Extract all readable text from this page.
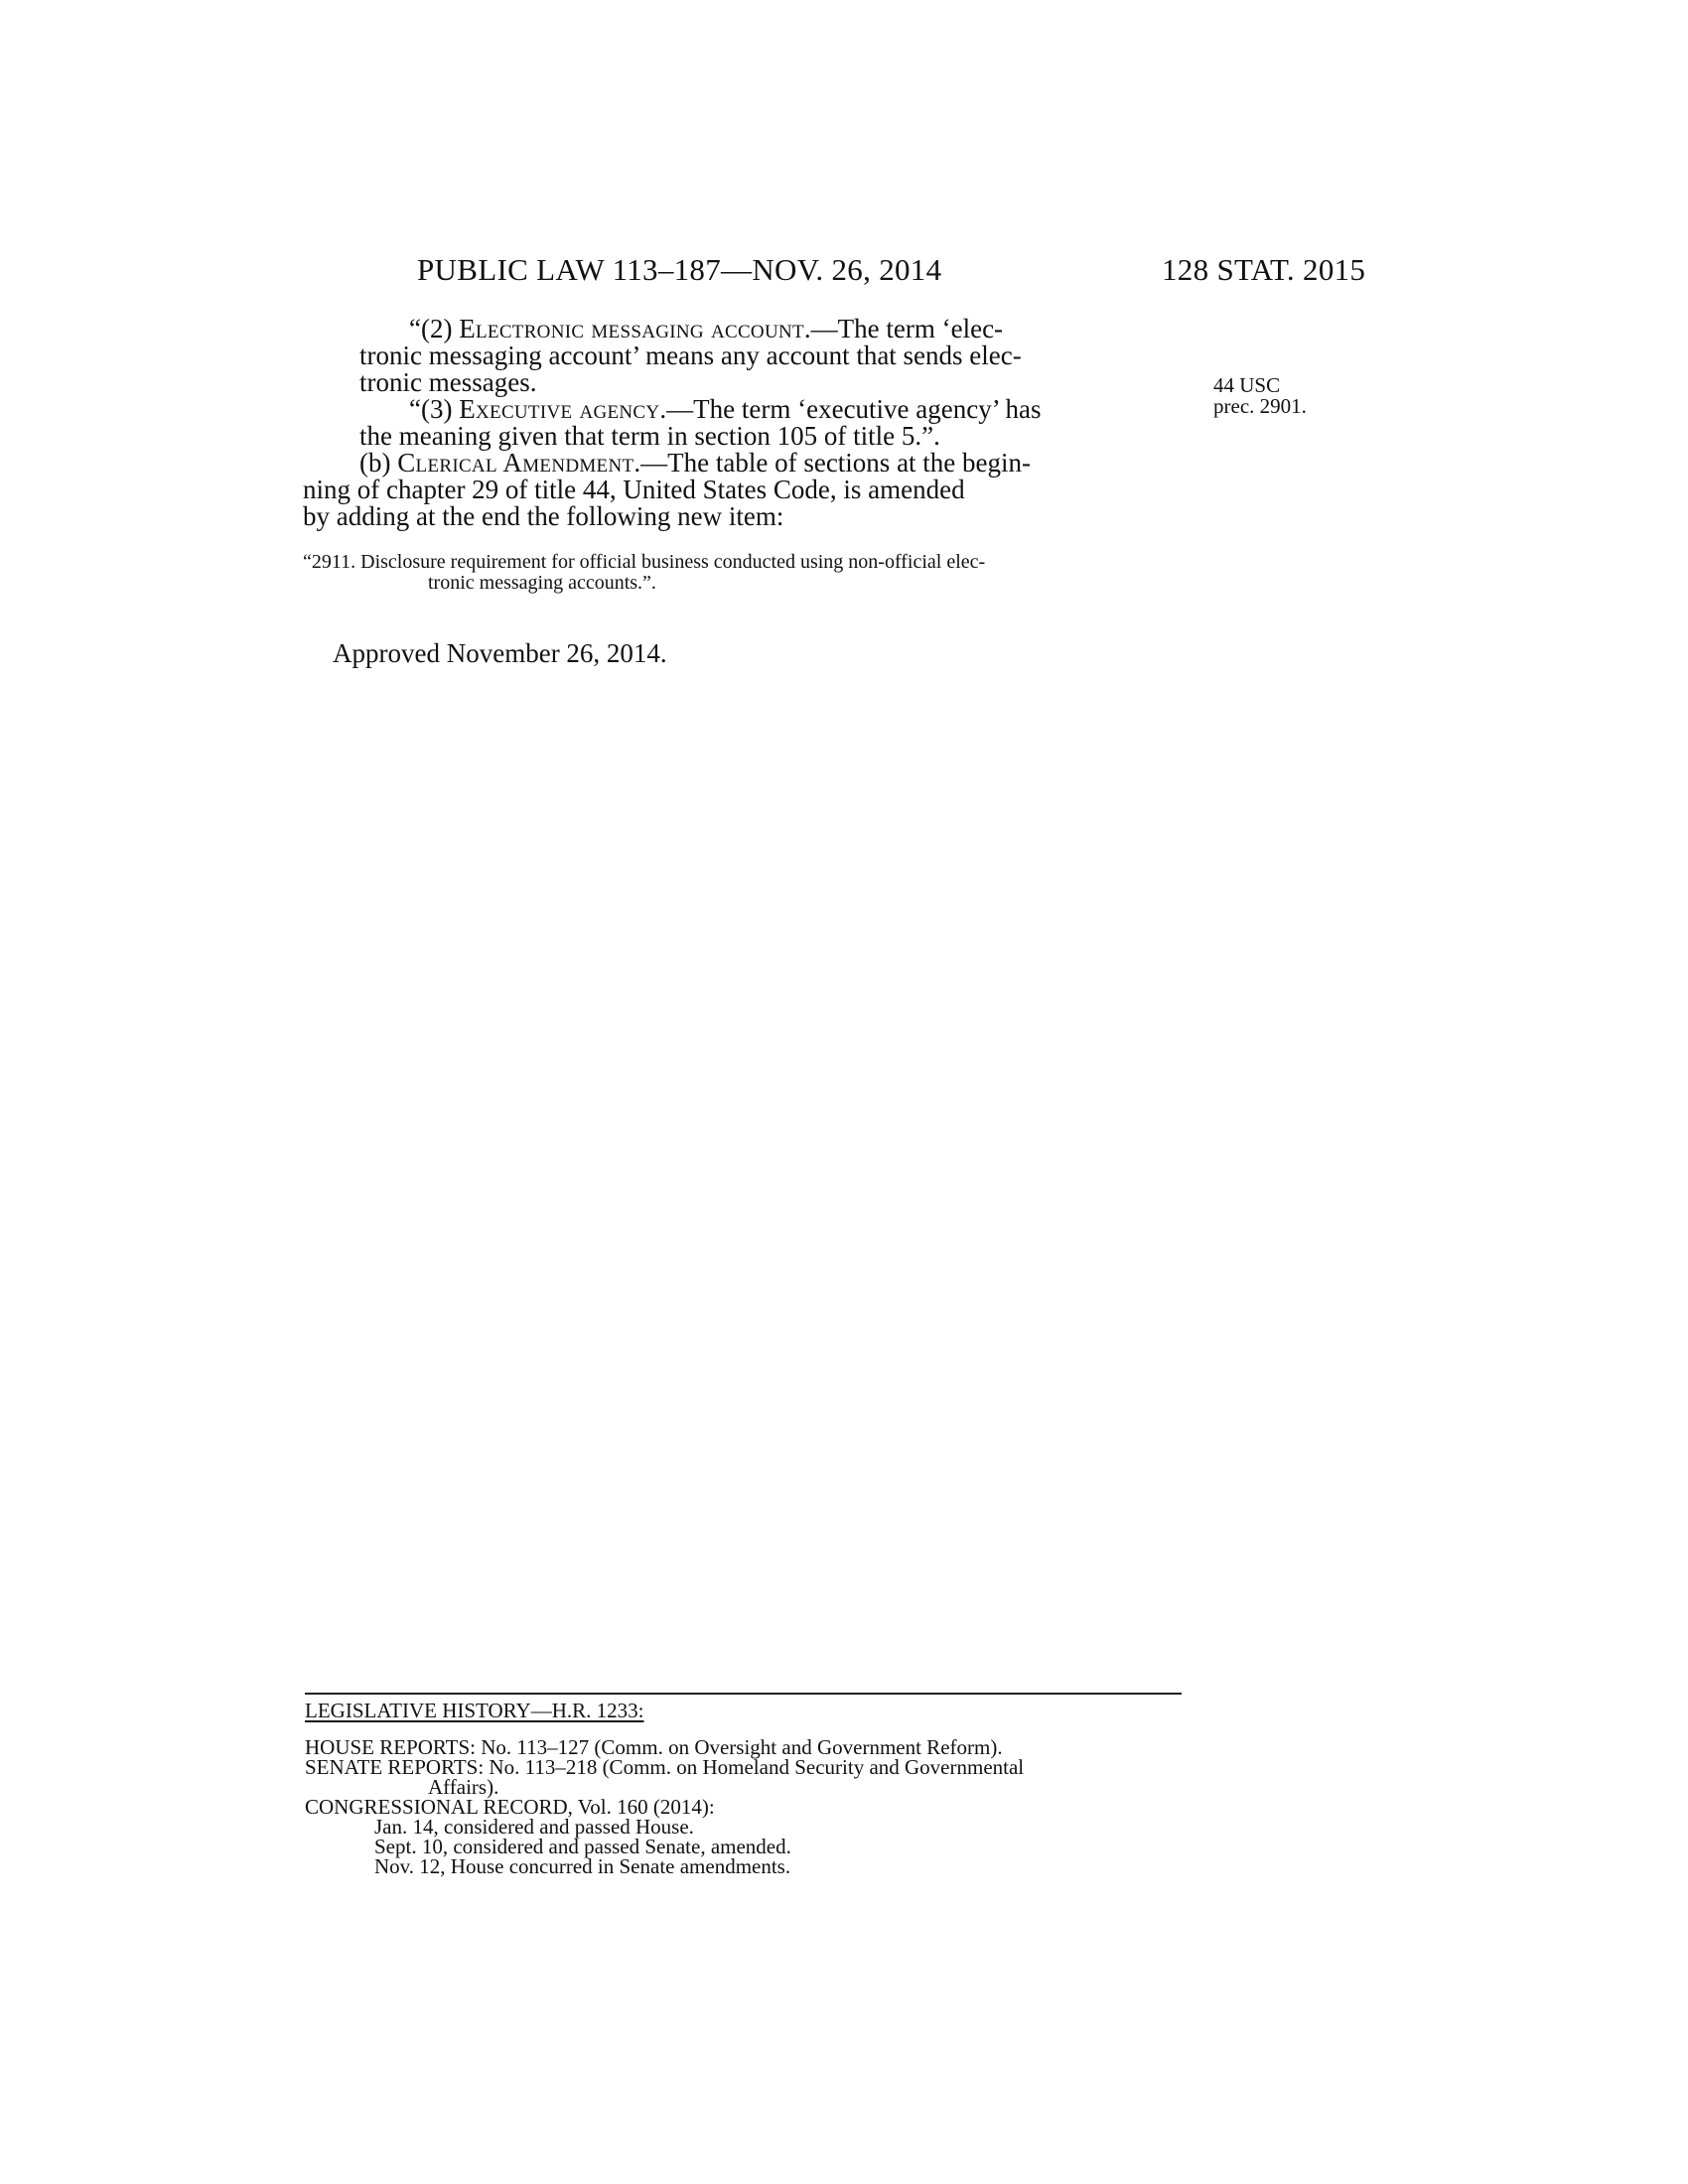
PUBLIC LAW 113–187—NOV. 26, 2014	128 STAT. 2015
“(2) Electronic messaging account.—The term ‘elec-
tronic messaging account’ means any account that sends elec-
tronic messages.
“(3) Executive agency.—The term ‘executive agency’ has
the meaning given that term in section 105 of title 5.”.
(b) Clerical Amendment.—The table of sections at the begin-
ning of chapter 29 of title 44, United States Code, is amended
by adding at the end the following new item:
44 USC
prec. 2901.
“2911. Disclosure requirement for official business conducted using non-official elec-
tronic messaging accounts.”.
Approved November 26, 2014.
LEGISLATIVE HISTORY—H.R. 1233:
HOUSE REPORTS: No. 113–127 (Comm. on Oversight and Government Reform).
SENATE REPORTS: No. 113–218 (Comm. on Homeland Security and Governmental
Affairs).
CONGRESSIONAL RECORD, Vol. 160 (2014):
Jan. 14, considered and passed House.
Sept. 10, considered and passed Senate, amended.
Nov. 12, House concurred in Senate amendments.
